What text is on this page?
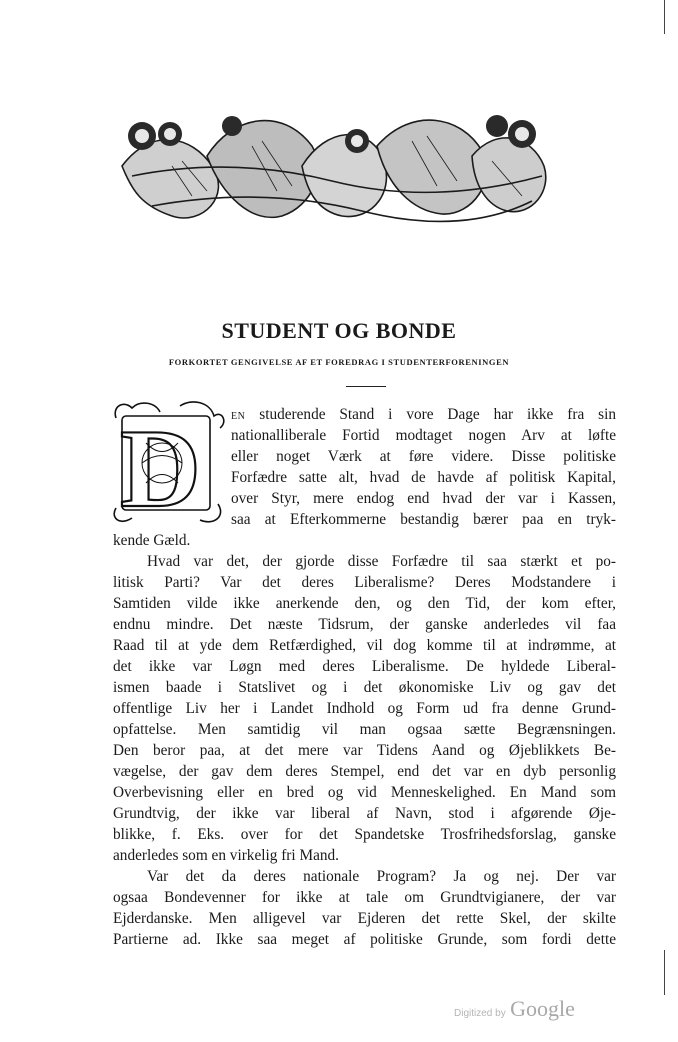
STUDENT OG BONDE
FORKORTET GENGIVELSE AF ET FOREDRAG I STUDENTERFORENINGEN
D	EN studerende Stand i vore Dage har ikke fra sin
nationalliberale Fortid modtaget nogen Arv at løfte
eller noget Værk at føre videre. Disse politiske
Forfædre satte alt, hvad de havde af politisk Kapital,
over Styr, mere endog end hvad der var i Kassen,
saa at Efterkommerne bestandig bærer paa en tryk-
kende Gæld.
Hvad var det, der gjorde disse Forfædre til saa stærkt et po-
litisk Parti? Var det deres Liberalisme? Deres Modstandere i
Samtiden vilde ikke anerkende den, og den Tid, der kom efter,
endnu mindre. Det næste Tidsrum, der ganske anderledes vil faa
Raad til at yde dem Retfærdighed, vil dog komme til at indrømme, at
det ikke var Løgn med deres Liberalisme. De hyldede Liberal-
ismen baade i Statslivet og i det økonomiske Liv og gav det
offentlige Liv her i Landet Indhold og Form ud fra denne Grund-
opfattelse. Men samtidig vil man ogsaa sætte Begrænsningen.
Den beror paa, at det mere var Tidens Aand og Øjeblikkets Be-
vægelse, der gav dem deres Stempel, end det var en dyb personlig
Overbevisning eller en bred og vid Menneskelighed. En Mand som
Grundtvig, der ikke var liberal af Navn, stod i afgørende Øje-
blikke, f. Eks. over for det Spandetske Trosfrihedsforslag, ganske
anderledes som en virkelig fri Mand.
Var det da deres nationale Program? Ja og nej. Der var
ogsaa Bondevenner for ikke at tale om Grundtvigianere, der var
Ejderdanske. Men alligevel var Ejderen det rette Skel, der skilte
Partierne ad. Ikke saa meget af politiske Grunde, som fordi dette
Digitized by Google
